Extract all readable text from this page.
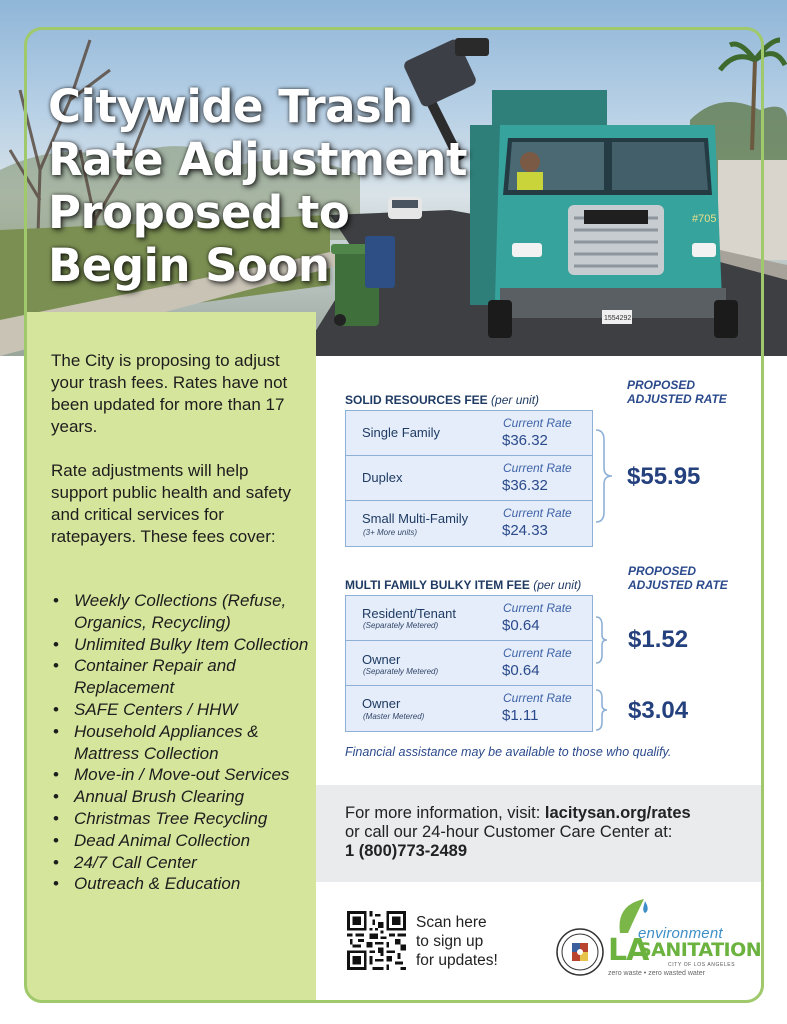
1554292
#705
Citywide Trash
Rate Adjustment
Proposed to
Begin Soon

The City is proposing to adjust your trash fees. Rates have not been updated for more than 17 years.

Rate adjustments will help support public health and safety and critical services for ratepayers. These fees cover:

• Weekly Collections (Refuse, Organics, Recycling)
• Unlimited Bulky Item Collection
• Container Repair and Replacement
• SAFE Centers / HHW
• Household Appliances & Mattress Collection
• Move-in / Move-out Services
• Annual Brush Clearing
• Christmas Tree Recycling
• Dead Animal Collection
• 24/7 Call Center
• Outreach & Education
SOLID RESOURCES FEE (per unit)
PROPOSED
ADJUSTED RATE
Single Family
Current Rate
$36.32
Duplex
Current Rate
$36.32
Small Multi-Family
(3+ More units)
Current Rate
$24.33
$55.95
MULTI FAMILY BULKY ITEM FEE (per unit)
PROPOSED
ADJUSTED RATE
Resident/Tenant
(Separately Metered)
Current Rate
$0.64
Owner
(Separately Metered)
Current Rate
$0.64
Owner
(Master Metered)
Current Rate
$1.11
$1.52
$3.04
Financial assistance may be available to those who qualify.

For more information, visit: lacitysan.org/rates

or call our 24-hour Customer Care Center at:

1 (800)773-2489

Scan here
to sign up
for updates!
environment
LA
SANITATION
CITY OF LOS ANGELES
zero waste • zero wasted water
